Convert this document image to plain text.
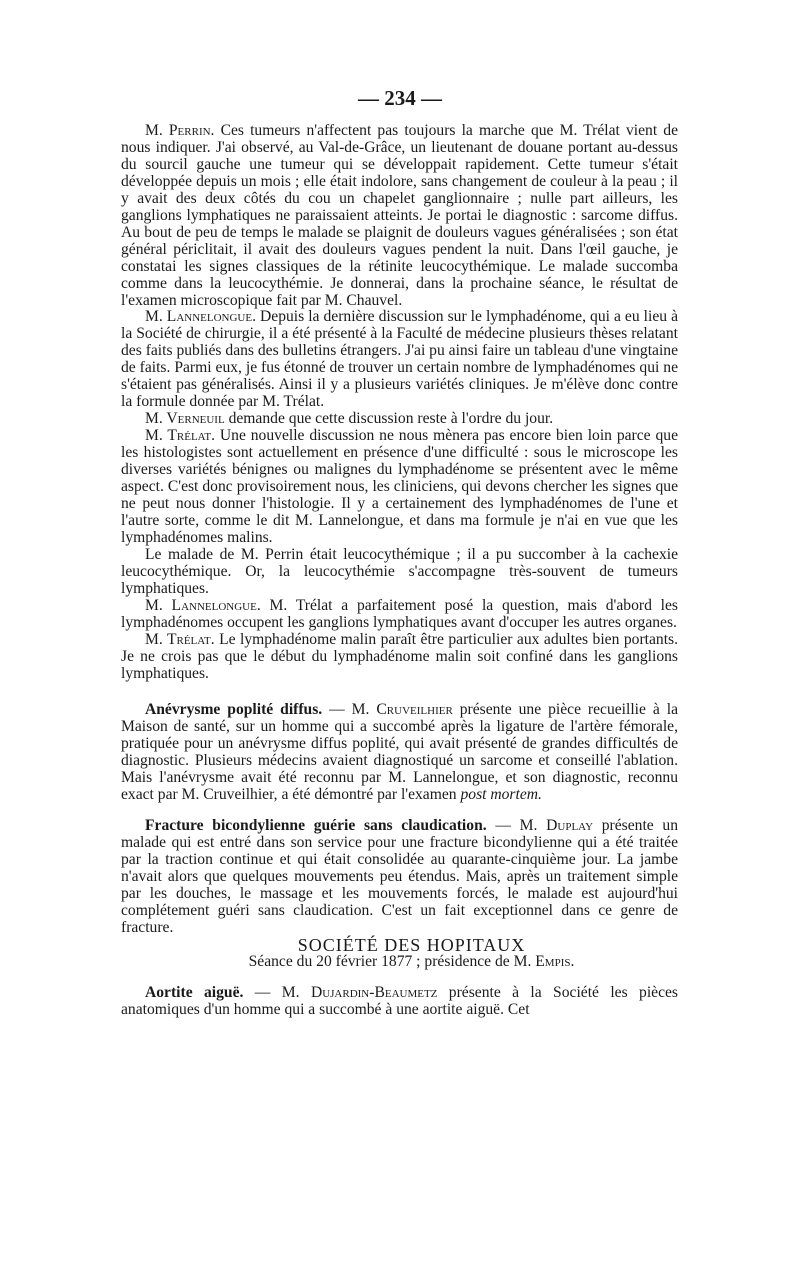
— 234 —

M. Perrin. Ces tumeurs n'affectent pas toujours la marche que M. Trélat vient de nous indiquer. J'ai observé, au Val-de-Grâce, un lieutenant de douane portant au-dessus du sourcil gauche une tumeur qui se développait rapidement. Cette tumeur s'était développée depuis un mois ; elle était indolore, sans changement de couleur à la peau ; il y avait des deux côtés du cou un chapelet ganglionnaire ; nulle part ailleurs, les ganglions lymphatiques ne paraissaient atteints. Je portai le diagnostic : sarcome diffus. Au bout de peu de temps le malade se plaignit de douleurs vagues généralisées ; son état général périclitait, il avait des douleurs vagues pendent la nuit. Dans l'œil gauche, je constatai les signes classiques de la rétinite leucocythémique. Le malade succomba comme dans la leucocythémie. Je donnerai, dans la prochaine séance, le résultat de l'examen microscopique fait par M. Chauvel.

M. Lannelongue. Depuis la dernière discussion sur le lymphadénome, qui a eu lieu à la Société de chirurgie, il a été présenté à la Faculté de médecine plusieurs thèses relatant des faits publiés dans des bulletins étrangers. J'ai pu ainsi faire un tableau d'une vingtaine de faits. Parmi eux, je fus étonné de trouver un certain nombre de lymphadénomes qui ne s'étaient pas généralisés. Ainsi il y a plusieurs variétés cliniques. Je m'élève donc contre la formule donnée par M. Trélat.

M. Verneuil demande que cette discussion reste à l'ordre du jour.

M. Trélat. Une nouvelle discussion ne nous mènera pas encore bien loin parce que les histologistes sont actuellement en présence d'une difficulté : sous le microscope les diverses variétés bénignes ou malignes du lymphadénome se présentent avec le même aspect. C'est donc provisoirement nous, les cliniciens, qui devons chercher les signes que ne peut nous donner l'histologie. Il y a certainement des lymphadénomes de l'une et l'autre sorte, comme le dit M. Lannelongue, et dans ma formule je n'ai en vue que les lymphadénomes malins.

Le malade de M. Perrin était leucocythémique ; il a pu succomber à la cachexie leucocythémique. Or, la leucocythémie s'accompagne très-souvent de tumeurs lymphatiques.

M. Lannelongue. M. Trélat a parfaitement posé la question, mais d'abord les lymphadénomes occupent les ganglions lymphatiques avant d'occuper les autres organes.

M. Trélat. Le lymphadénome malin paraît être particulier aux adultes bien portants. Je ne crois pas que le début du lymphadénome malin soit confiné dans les ganglions lymphatiques.

Anévrysme poplité diffus. — M. Cruveilhier présente une pièce recueillie à la Maison de santé, sur un homme qui a succombé après la ligature de l'artère fémorale, pratiquée pour un anévrysme diffus poplité, qui avait présenté de grandes difficultés de diagnostic. Plusieurs médecins avaient diagnostiqué un sarcome et conseillé l'ablation. Mais l'anévrysme avait été reconnu par M. Lannelongue, et son diagnostic, reconnu exact par M. Cruveilhier, a été démontré par l'examen post mortem.

Fracture bicondylienne guérie sans claudication. — M. Duplay présente un malade qui est entré dans son service pour une fracture bicondylienne qui a été traitée par la traction continue et qui était consolidée au quarante-cinquième jour. La jambe n'avait alors que quelques mouvements peu étendus. Mais, après un traitement simple par les douches, le massage et les mouvements forcés, le malade est aujourd'hui complétement guéri sans claudication. C'est un fait exceptionnel dans ce genre de fracture.

SOCIÉTÉ DES HOPITAUX

Séance du 20 février 1877 ; présidence de M. Empis.

Aortite aiguë. — M. Dujardin-Beaumetz présente à la Société les pièces anatomiques d'un homme qui a succombé à une aortite aiguë. Cet
